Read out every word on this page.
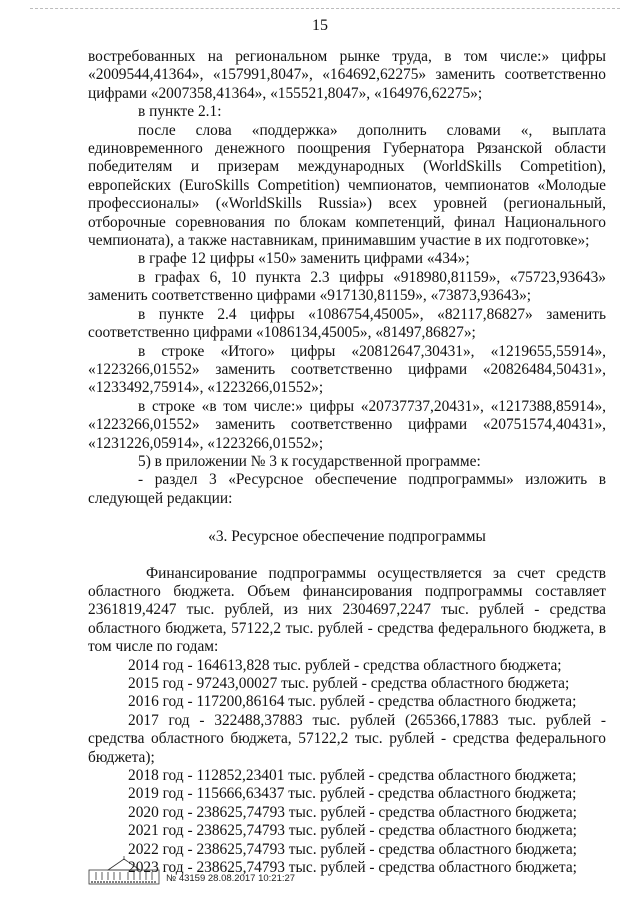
15

востребованных на региональном рынке труда, в том числе:» цифры «2009544,41364», «157991,8047», «164692,62275» заменить соответственно цифрами «2007358,41364», «155521,8047», «164976,62275»;

в пункте 2.1:

после слова «поддержка» дополнить словами «, выплата единовременного денежного поощрения Губернатора Рязанской области победителям и призерам международных (WorldSkills Competition), европейских (EuroSkills Competition) чемпионатов, чемпионатов «Молодые профессионалы» («WorldSkills Russia») всех уровней (региональный, отборочные соревнования по блокам компетенций, финал Национального чемпионата), а также наставникам, принимавшим участие в их подготовке»;

в графе 12 цифры «150» заменить цифрами «434»;

в графах 6, 10 пункта 2.3 цифры «918980,81159», «75723,93643» заменить соответственно цифрами «917130,81159», «73873,93643»;

в пункте 2.4 цифры «1086754,45005», «82117,86827» заменить соответственно цифрами «1086134,45005», «81497,86827»;

в строке «Итого» цифры «20812647,30431», «1219655,55914», «1223266,01552» заменить соответственно цифрами «20826484,50431», «1233492,75914», «1223266,01552»;

в строке «в том числе:» цифры «20737737,20431», «1217388,85914», «1223266,01552» заменить соответственно цифрами «20751574,40431», «1231226,05914», «1223266,01552»;

5) в приложении № 3 к государственной программе:

- раздел 3 «Ресурсное обеспечение подпрограммы» изложить в следующей редакции:

«3. Ресурсное обеспечение подпрограммы

Финансирование подпрограммы осуществляется за счет средств областного бюджета. Объем финансирования подпрограммы составляет 2361819,4247 тыс. рублей, из них 2304697,2247 тыс. рублей - средства областного бюджета, 57122,2 тыс. рублей - средства федерального бюджета, в том числе по годам:

2014 год - 164613,828 тыс. рублей - средства областного бюджета;

2015 год - 97243,00027 тыс. рублей - средства областного бюджета;

2016 год - 117200,86164 тыс. рублей - средства областного бюджета;

2017 год - 322488,37883 тыс. рублей (265366,17883 тыс. рублей - средства областного бюджета, 57122,2 тыс. рублей - средства федерального бюджета);

2018 год - 112852,23401 тыс. рублей - средства областного бюджета;

2019 год - 115666,63437 тыс. рублей - средства областного бюджета;

2020 год - 238625,74793 тыс. рублей - средства областного бюджета;

2021 год - 238625,74793 тыс. рублей - средства областного бюджета;

2022 год - 238625,74793 тыс. рублей - средства областного бюджета;

2023 год - 238625,74793 тыс. рублей - средства областного бюджета;

№ 43159 28.08.2017 10:21:27
